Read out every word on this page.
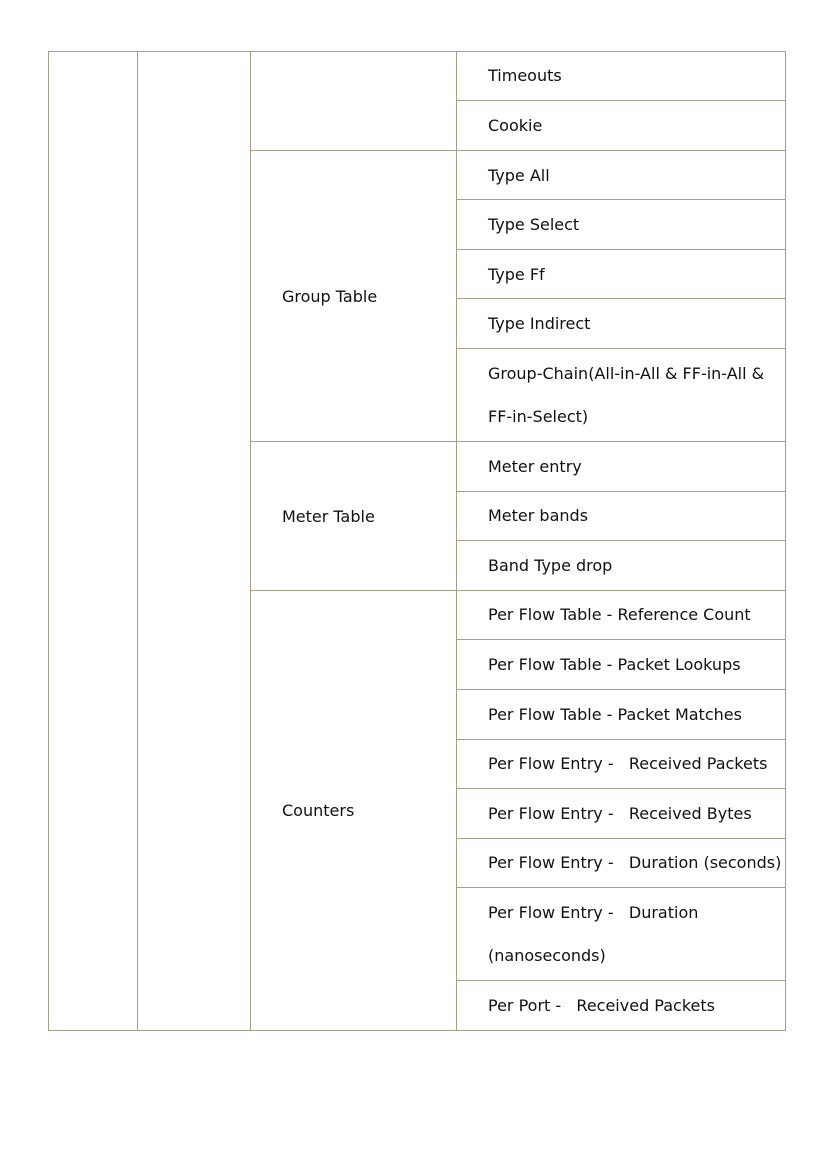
Group Table
Meter Table
Counters
Timeouts
Cookie
Type All
Type Select
Type Ff
Type Indirect
Group-Chain(All-in-All & FF-in-All &
FF-in-Select)
Meter entry
Meter bands
Band Type drop
Per Flow Table - Reference Count
Per Flow Table - Packet Lookups
Per Flow Table - Packet Matches
Per Flow Entry -   Received Packets
Per Flow Entry -   Received Bytes
Per Flow Entry -   Duration (seconds)
Per Flow Entry -   Duration
(nanoseconds)
Per Port -   Received Packets
